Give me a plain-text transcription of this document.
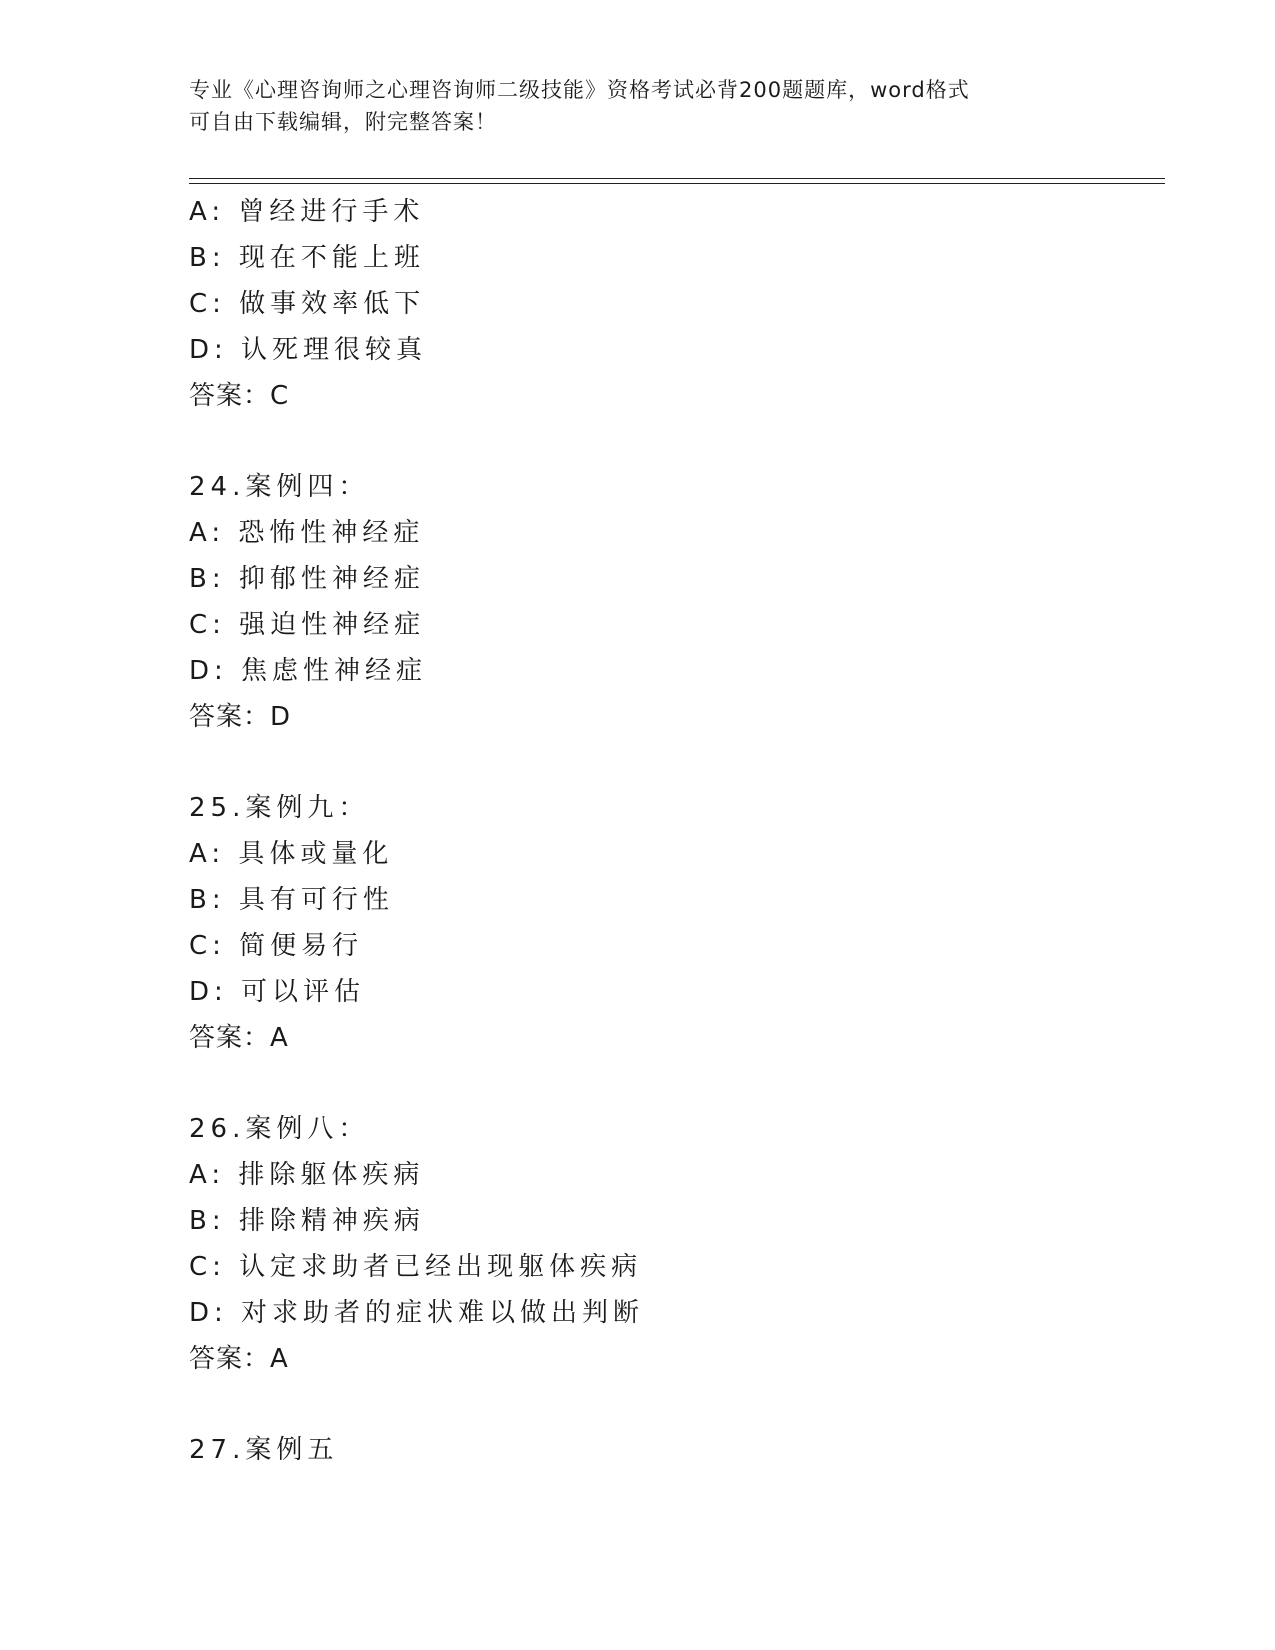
专业《心理咨询师之心理咨询师二级技能》资格考试必背200题题库，word格式
可自由下载编辑，附完整答案！
A: 曾经进行手术
B: 现在不能上班
C: 做事效率低下
D: 认死理很较真
答案：C
24.案例四：
A: 恐怖性神经症
B: 抑郁性神经症
C: 强迫性神经症
D: 焦虑性神经症
答案：D
25.案例九：
A: 具体或量化
B: 具有可行性
C: 简便易行
D: 可以评估
答案：A
26.案例八：
A: 排除躯体疾病
B: 排除精神疾病
C: 认定求助者已经出现躯体疾病
D: 对求助者的症状难以做出判断
答案：A
27.案例五
